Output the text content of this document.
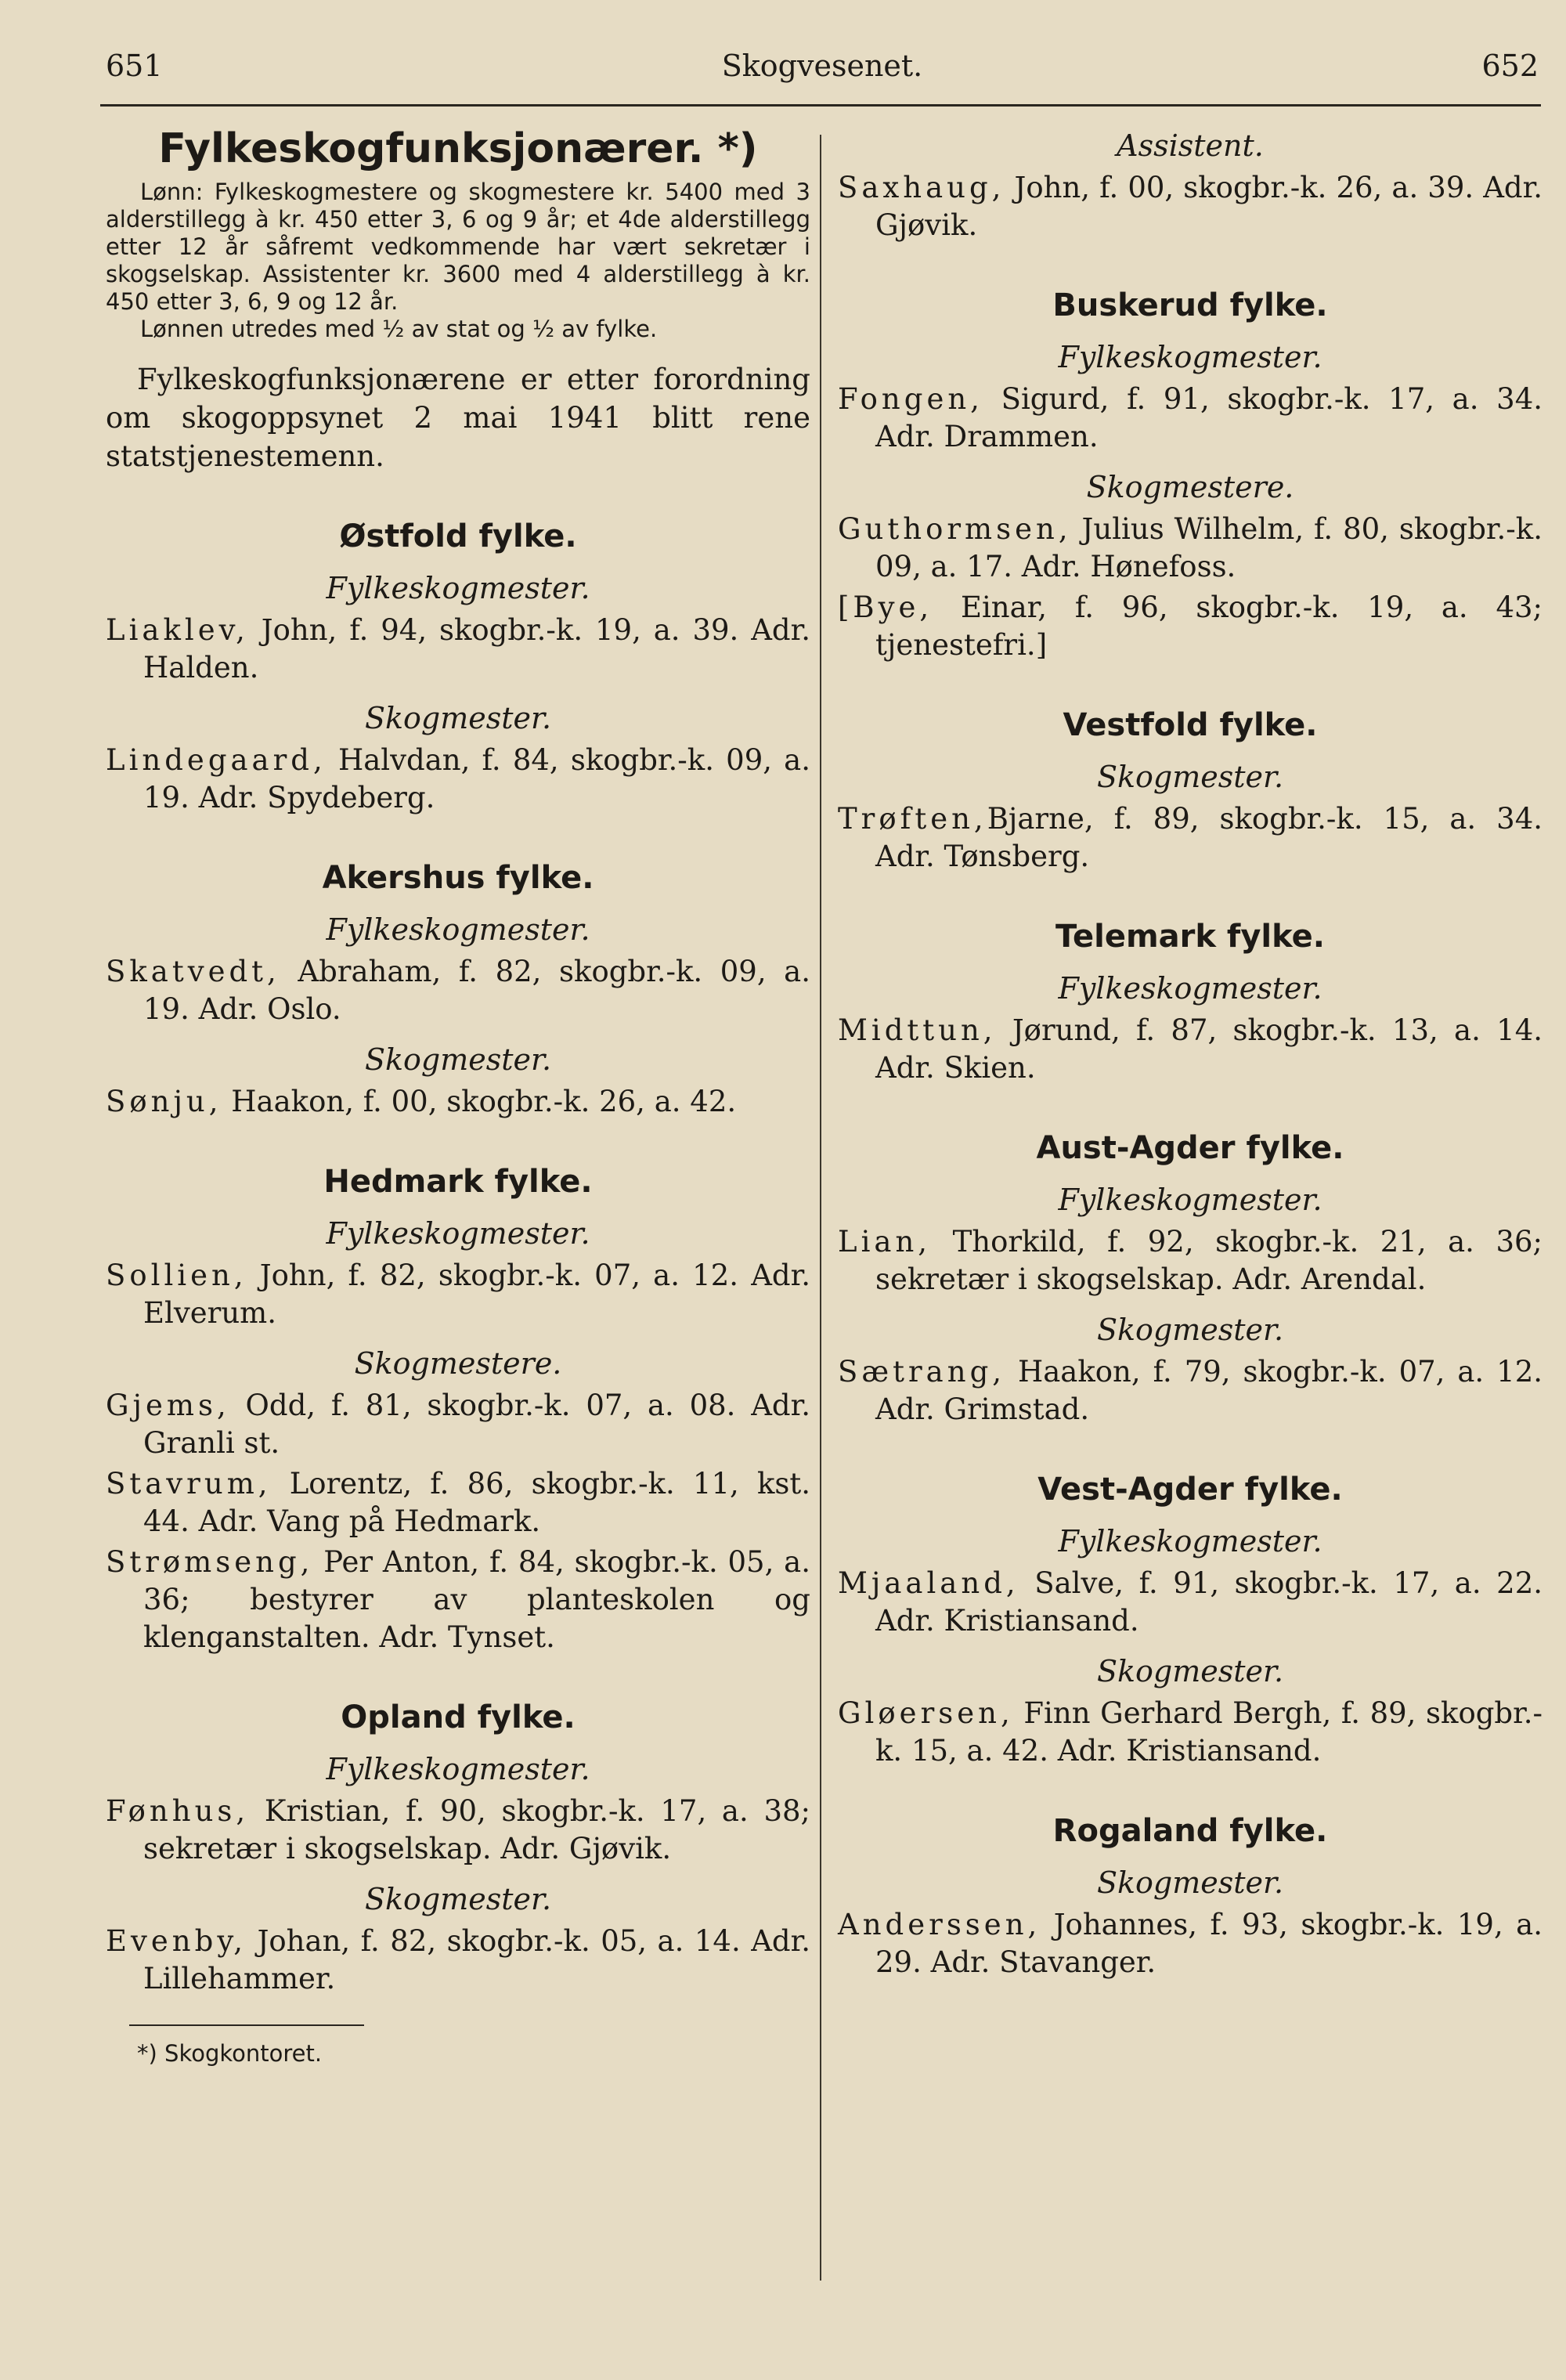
651	Skogvesenet.	652
Fylkeskogfunksjonærer. *)

Lønn: Fylkeskogmestere og skogmestere kr. 5400 med 3 alderstillegg à kr. 450 etter 3, 6 og 9 år; et 4de alderstillegg etter 12 år såfremt vedkommende har vært sekretær i skogselskap. Assistenter kr. 3600 med 4 alderstillegg à kr. 450 etter 3, 6, 9 og 12 år.

Lønnen utredes med ½ av stat og ½ av fylke.

Fylkeskogfunksjonærene er etter forordning om skogoppsynet 2 mai 1941 blitt rene statstjenestemenn.

Østfold fylke.
Fylkeskogmester.
Liaklev, John, f. 94, skogbr.-k. 19, a. 39. Adr. Halden.
Skogmester.
Lindegaard, Halvdan, f. 84, skogbr.-k. 09, a. 19. Adr. Spydeberg.
Akershus fylke.
Fylkeskogmester.
Skatvedt, Abraham, f. 82, skogbr.-k. 09, a. 19. Adr. Oslo.
Skogmester.
Sønju, Haakon, f. 00, skogbr.-k. 26, a. 42.
Hedmark fylke.
Fylkeskogmester.
Sollien, John, f. 82, skogbr.-k. 07, a. 12. Adr. Elverum.
Skogmestere.
Gjems, Odd, f. 81, skogbr.-k. 07, a. 08. Adr. Granli st.
Stavrum, Lorentz, f. 86, skogbr.-k. 11, kst. 44. Adr. Vang på Hedmark.
Strømseng, Per Anton, f. 84, skogbr.-k. 05, a. 36; bestyrer av planteskolen og klenganstalten. Adr. Tynset.
Opland fylke.
Fylkeskogmester.
Fønhus, Kristian, f. 90, skogbr.-k. 17, a. 38; sekretær i skogselskap. Adr. Gjøvik.
Skogmester.
Evenby, Johan, f. 82, skogbr.-k. 05, a. 14. Adr. Lillehammer.

*) Skogkontoret.

Assistent.
Saxhaug, John, f. 00, skogbr.-k. 26, a. 39. Adr. Gjøvik.
Buskerud fylke.
Fylkeskogmester.
Fongen, Sigurd, f. 91, skogbr.-k. 17, a. 34. Adr. Drammen.
Skogmestere.
Guthormsen, Julius Wilhelm, f. 80, skogbr.-k. 09, a. 17. Adr. Hønefoss.
[Bye, Einar, f. 96, skogbr.-k. 19, a. 43; tjenestefri.]
Vestfold fylke.
Skogmester.
Trøften,Bjarne, f. 89, skogbr.-k. 15, a. 34. Adr. Tønsberg.
Telemark fylke.
Fylkeskogmester.
Midttun, Jørund, f. 87, skogbr.-k. 13, a. 14. Adr. Skien.
Aust-Agder fylke.
Fylkeskogmester.
Lian, Thorkild, f. 92, skogbr.-k. 21, a. 36; sekretær i skogselskap. Adr. Arendal.
Skogmester.
Sætrang, Haakon, f. 79, skogbr.-k. 07, a. 12. Adr. Grimstad.
Vest-Agder fylke.
Fylkeskogmester.
Mjaaland, Salve, f. 91, skogbr.-k. 17, a. 22. Adr. Kristiansand.
Skogmester.
Gløersen, Finn Gerhard Bergh, f. 89, skogbr.-k. 15, a. 42. Adr. Kristiansand.
Rogaland fylke.
Skogmester.
Anderssen, Johannes, f. 93, skogbr.-k. 19, a. 29. Adr. Stavanger.
